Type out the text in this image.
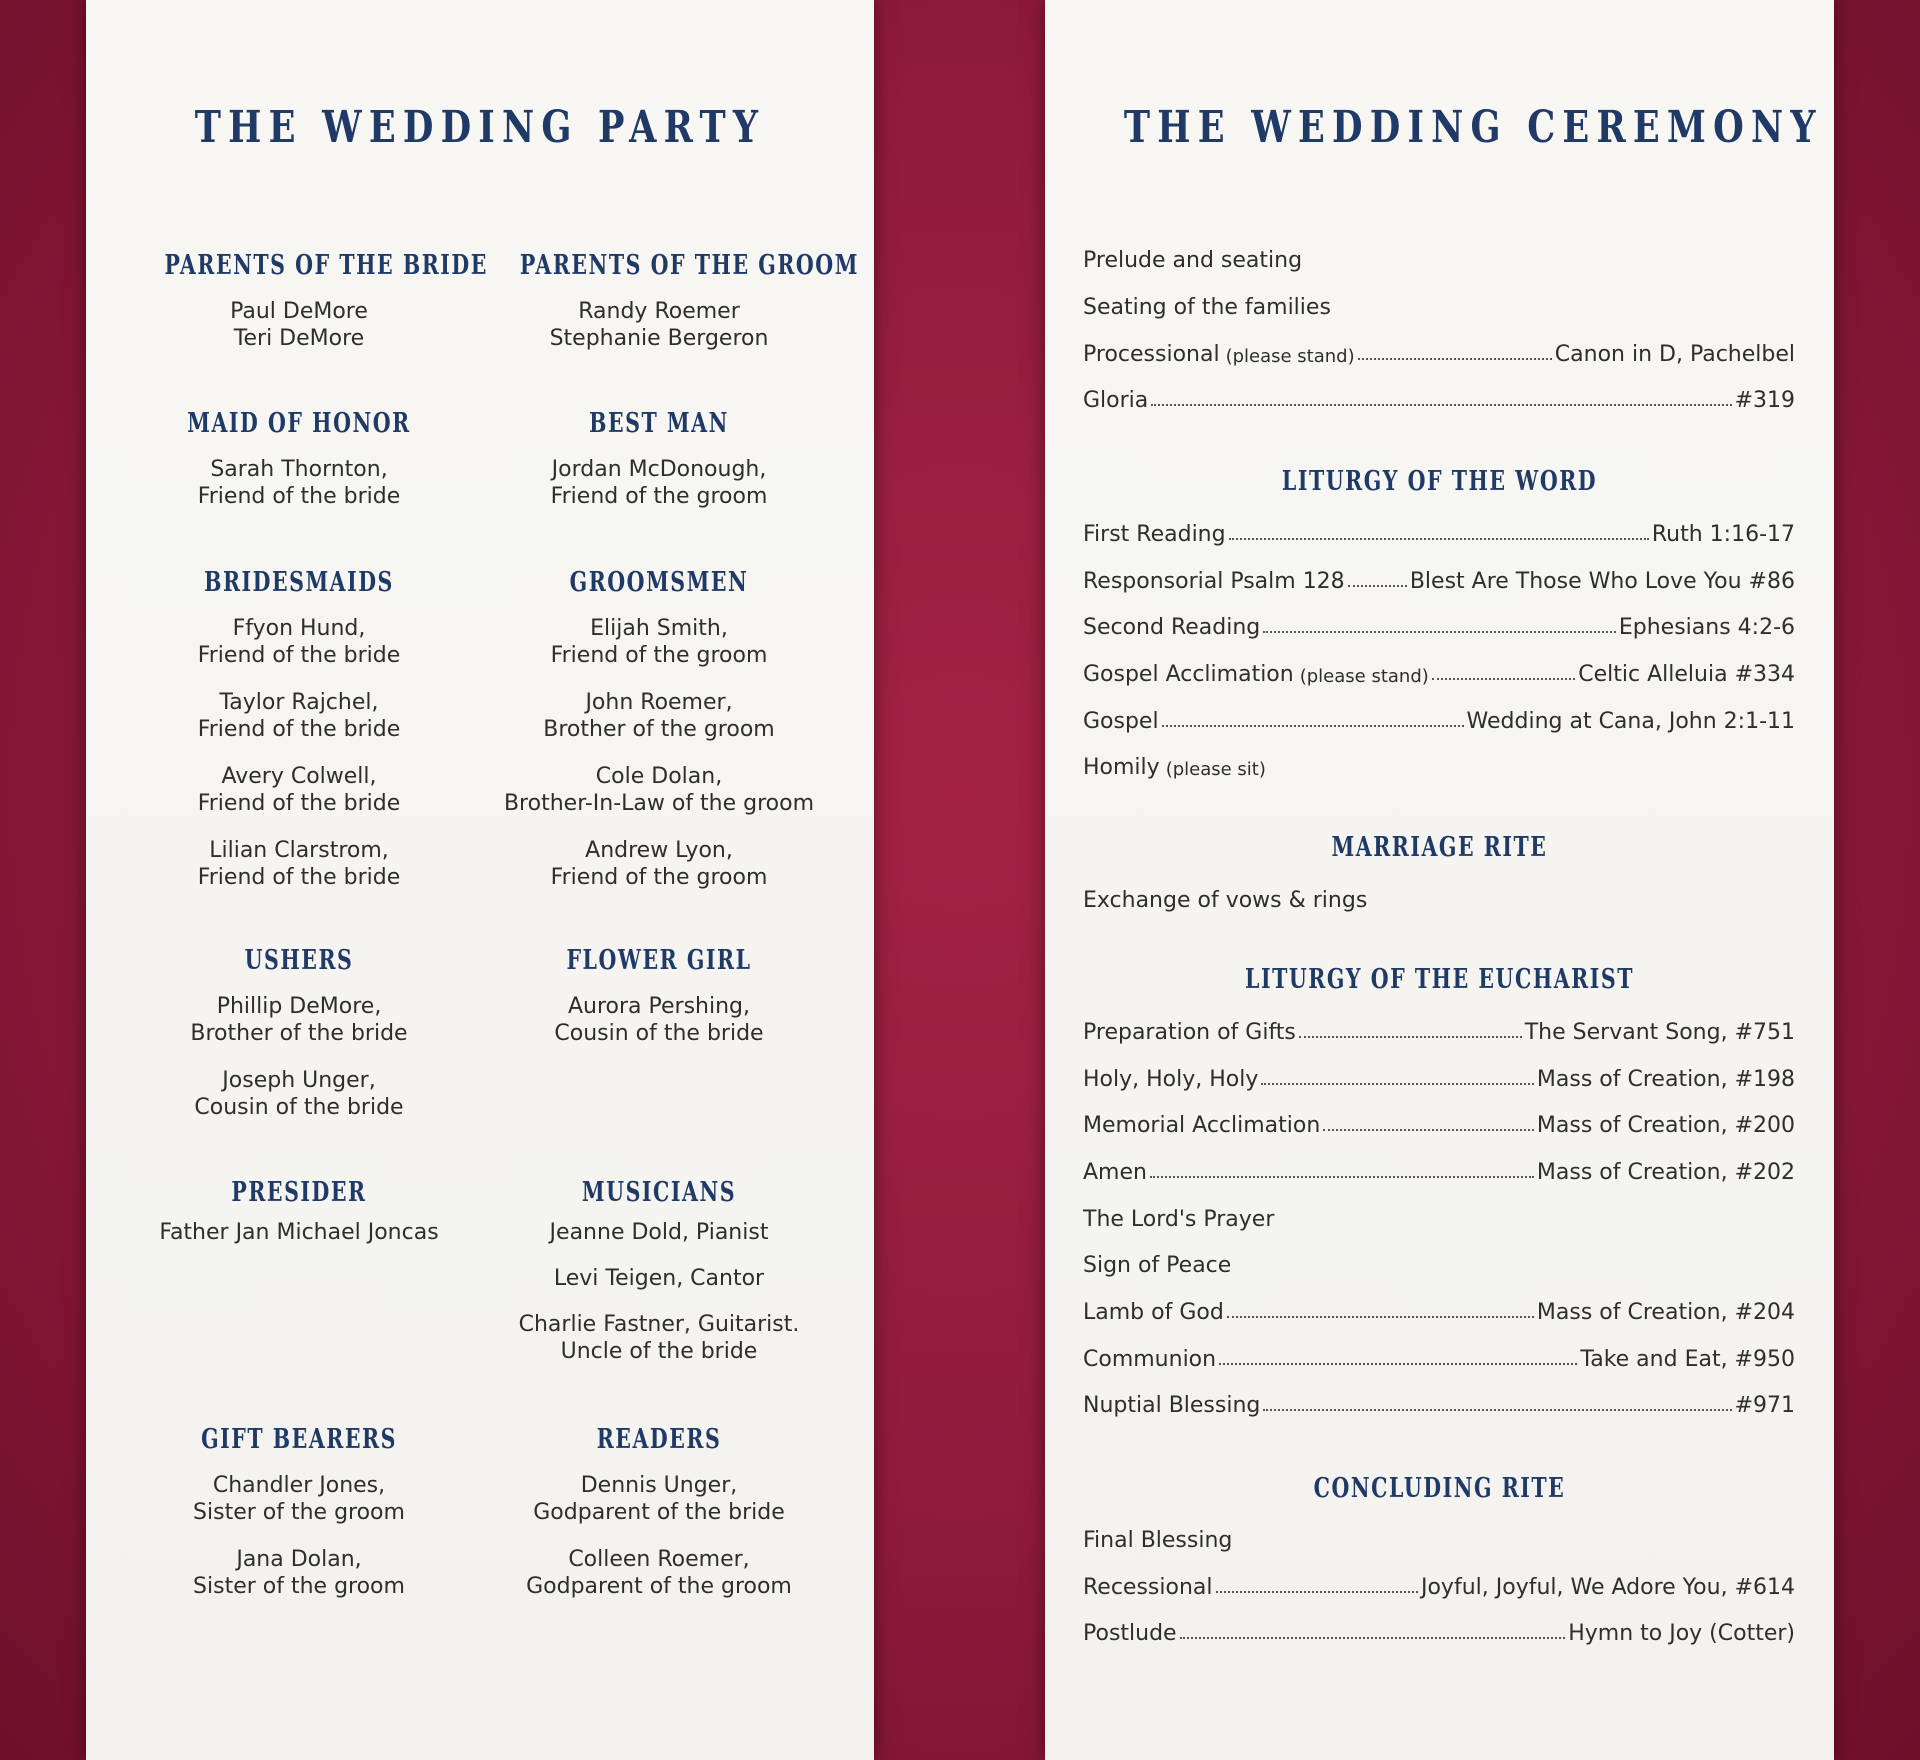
THE WEDDING PARTY
PARENTS OF THE BRIDE
Paul DeMore
Teri DeMore
PARENTS OF THE GROOM
Randy Roemer
Stephanie Bergeron
MAID OF HONOR
Sarah Thornton,
Friend of the bride
BEST MAN
Jordan McDonough,
Friend of the groom
BRIDESMAIDS
Ffyon Hund,
Friend of the bride
Taylor Rajchel,
Friend of the bride
Avery Colwell,
Friend of the bride
Lilian Clarstrom,
Friend of the bride
GROOMSMEN
Elijah Smith,
Friend of the groom
John Roemer,
Brother of the groom
Cole Dolan,
Brother-In-Law of the groom
Andrew Lyon,
Friend of the groom
USHERS
Phillip DeMore,
Brother of the bride
Joseph Unger,
Cousin of the bride
FLOWER GIRL
Aurora Pershing,
Cousin of the bride
PRESIDER
Father Jan Michael Joncas
MUSICIANS
Jeanne Dold, Pianist
Levi Teigen, Cantor
Charlie Fastner, Guitarist.
Uncle of the bride
GIFT BEARERS
Chandler Jones,
Sister of the groom
Jana Dolan,
Sister of the groom
READERS
Dennis Unger,
Godparent of the bride
Colleen Roemer,
Godparent of the groom
THE WEDDING CEREMONY
LITURGY OF THE WORD
MARRIAGE RITE
LITURGY OF THE EUCHARIST
CONCLUDING RITE
Prelude and seating
Seating of the families
Processional (please stand)	Canon in D, Pachelbel
Gloria	#319
First Reading	Ruth 1:16-17
Responsorial Psalm 128	Blest Are Those Who Love You #86
Second Reading	Ephesians 4:2-6
Gospel Acclimation (please stand)	Celtic Alleluia #334
Gospel	Wedding at Cana, John 2:1-11
Homily (please sit)
Exchange of vows & rings
Preparation of Gifts	The Servant Song, #751
Holy, Holy, Holy	Mass of Creation, #198
Memorial Acclimation	Mass of Creation, #200
Amen	Mass of Creation, #202
The Lord's Prayer
Sign of Peace
Lamb of God	Mass of Creation, #204
Communion	Take and Eat, #950
Nuptial Blessing	#971
Final Blessing
Recessional	Joyful, Joyful, We Adore You, #614
Postlude	Hymn to Joy (Cotter)
